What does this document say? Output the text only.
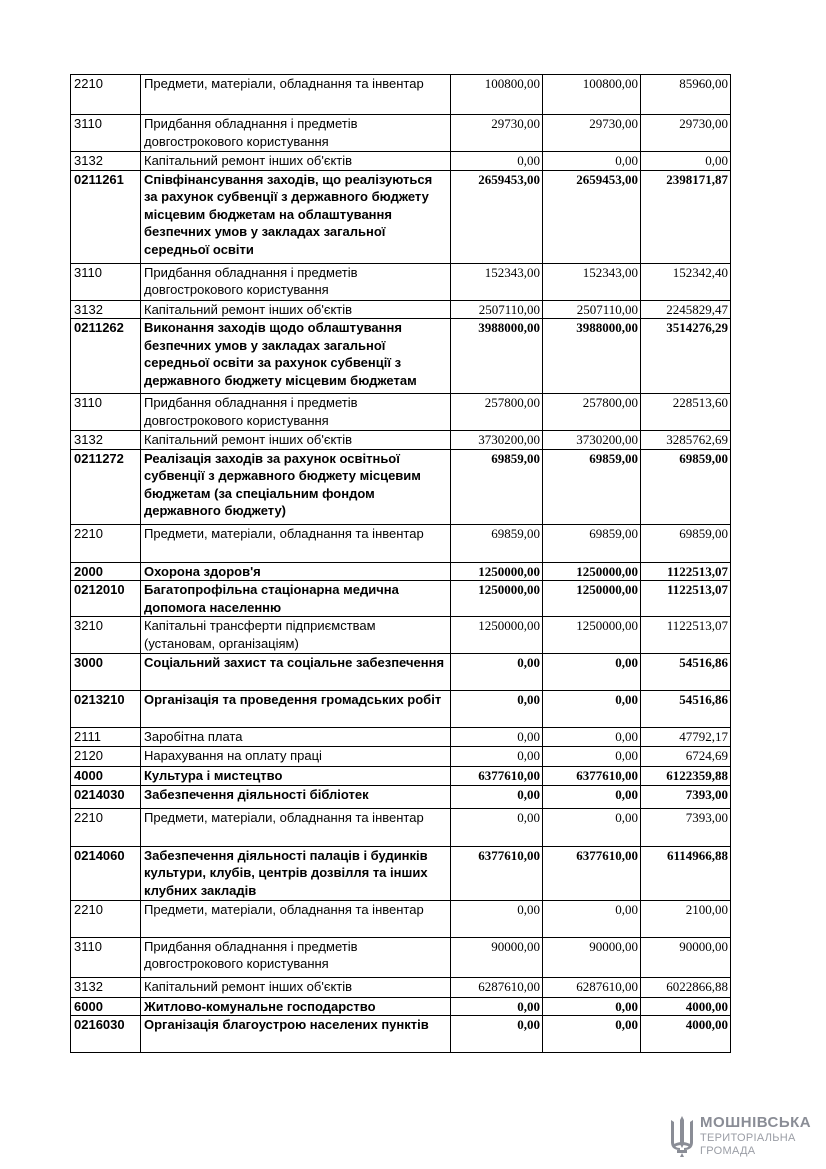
2210	Предмети, матеріали, обладнання та інвентар	100800,00	100800,00	85960,00
3110	Придбання обладнання і предметів довгострокового користування	29730,00	29730,00	29730,00
3132	Капітальний ремонт інших об'єктів	0,00	0,00	0,00
0211261	Співфінансування заходів, що реалізуються за рахунок субвенції з державного бюджету місцевим бюджетам на облаштування безпечних умов у закладах загальної середньої освіти	2659453,00	2659453,00	2398171,87
3110	Придбання обладнання і предметів довгострокового користування	152343,00	152343,00	152342,40
3132	Капітальний ремонт інших об'єктів	2507110,00	2507110,00	2245829,47
0211262	Виконання заходів щодо облаштування безпечних умов у закладах загальної середньої освіти за рахунок субвенції з державного бюджету місцевим бюджетам	3988000,00	3988000,00	3514276,29
3110	Придбання обладнання і предметів довгострокового користування	257800,00	257800,00	228513,60
3132	Капітальний ремонт інших об'єктів	3730200,00	3730200,00	3285762,69
0211272	Реалізація заходів за рахунок освітньої субвенції з державного бюджету місцевим бюджетам (за спеціальним фондом державного бюджету)	69859,00	69859,00	69859,00
2210	Предмети, матеріали, обладнання та інвентар	69859,00	69859,00	69859,00
2000	Охорона здоров'я	1250000,00	1250000,00	1122513,07
0212010	Багатопрофільна стаціонарна медична допомога населенню	1250000,00	1250000,00	1122513,07
3210	Капітальні трансферти підприємствам (установам, організаціям)	1250000,00	1250000,00	1122513,07
3000	Соціальний захист та соціальне забезпечення	0,00	0,00	54516,86
0213210	Організація та проведення громадських робіт	0,00	0,00	54516,86
2111	Заробітна плата	0,00	0,00	47792,17
2120	Нарахування на оплату праці	0,00	0,00	6724,69
4000	Культура і мистецтво	6377610,00	6377610,00	6122359,88
0214030	Забезпечення діяльності бібліотек	0,00	0,00	7393,00
2210	Предмети, матеріали, обладнання та інвентар	0,00	0,00	7393,00
0214060	Забезпечення діяльності палаців і будинків культури, клубів, центрів дозвілля та інших клубних закладів	6377610,00	6377610,00	6114966,88
2210	Предмети, матеріали, обладнання та інвентар	0,00	0,00	2100,00
3110	Придбання обладнання і предметів довгострокового користування	90000,00	90000,00	90000,00
3132	Капітальний ремонт інших об'єктів	6287610,00	6287610,00	6022866,88
6000	Житлово-комунальне господарство	0,00	0,00	4000,00
0216030	Організація благоустрою населених пунктів	0,00	0,00	4000,00
МОШНІВСЬКА
ТЕРИТОРІАЛЬНА
ГРОМАДА
